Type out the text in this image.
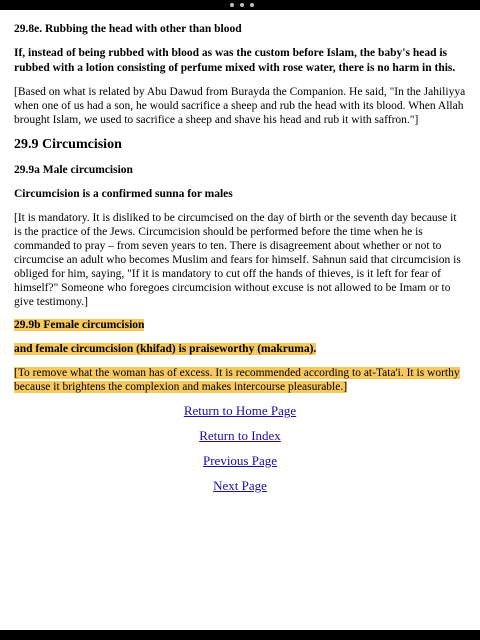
29.8e. Rubbing the head with other than blood

If, instead of being rubbed with blood as was the custom before Islam, the baby's head is rubbed with a lotion consisting of perfume mixed with rose water, there is no harm in this.

[Based on what is related by Abu Dawud from Burayda the Companion. He said, "In the Jahiliyya when one of us had a son, he would sacrifice a sheep and rub the head with its blood. When Allah brought Islam, we used to sacrifice a sheep and shave his head and rub it with saffron."]

29.9 Circumcision

29.9a Male circumcision

Circumcision is a confirmed sunna for males

[It is mandatory. It is disliked to be circumcised on the day of birth or the seventh day because it is the practice of the Jews. Circumcision should be performed before the time when he is commanded to pray – from seven years to ten. There is disagreement about whether or not to circumcise an adult who becomes Muslim and fears for himself. Sahnun said that circumcision is obliged for him, saying, "If it is mandatory to cut off the hands of thieves, is it left for fear of himself?" Someone who foregoes circumcision without excuse is not allowed to be Imam or to give testimony.]

29.9b Female circumcision

and female circumcision (khifad) is praiseworthy (makruma).

[To remove what the woman has of excess. It is recommended according to at-Tata'i. It is worthy because it brightens the complexion and makes intercourse pleasurable.]

Return to Home Page
Return to Index
Previous Page
Next Page
